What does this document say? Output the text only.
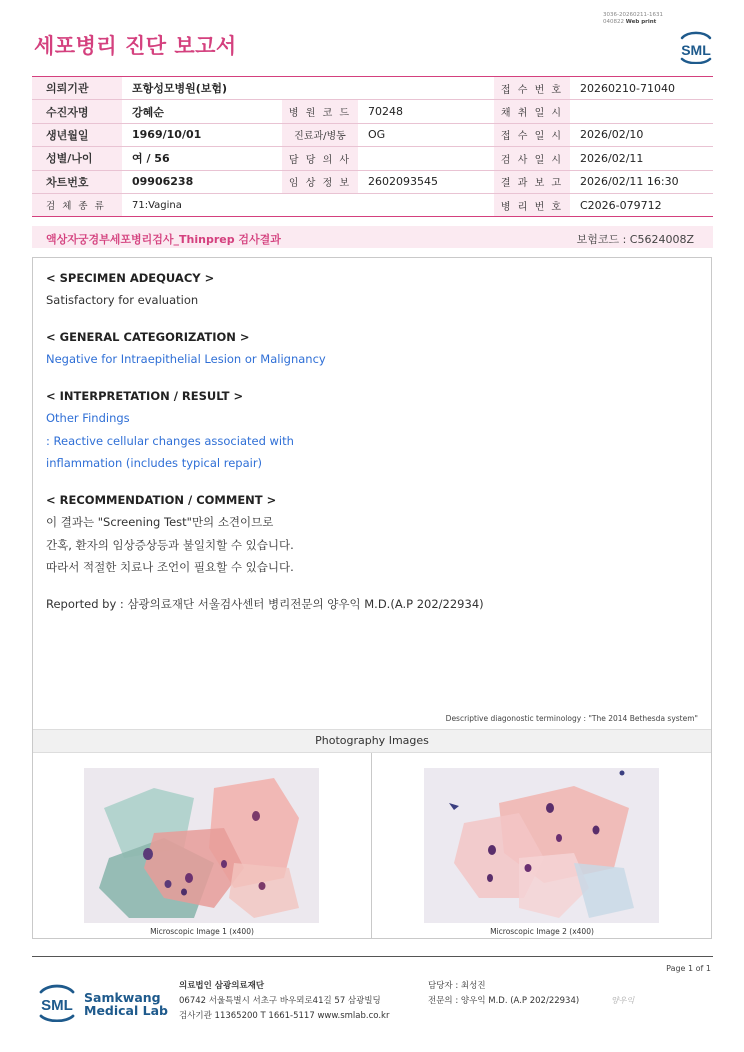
세포병리 진단 보고서
3036-20260211-1631
040822 Web print
SML
의뢰기관	포항성모병원(보험)			접 수 번 호	20260210-71040
수진자명	강혜순	병 원 코 드	70248	채 취 일 시	
생년월일	1969/10/01	진료과/병동	OG	접 수 일 시	2026/02/10
성별/나이	여 / 56	담 당 의 사		검 사 일 시	2026/02/11
차트번호	09906238	임 상 정 보	2602093545	결 과 보 고	2026/02/11 16:30
검 체 종 류	71:Vagina			병 리 번 호	C2026-079712
액상자궁경부세포병리검사_Thinprep 검사결과	보험코드 : C5624008Z
< SPECIMEN ADEQUACY >
Satisfactory for evaluation
< GENERAL CATEGORIZATION >
Negative for Intraepithelial Lesion or Malignancy
< INTERPRETATION / RESULT >
Other Findings
: Reactive cellular changes associated with
inflammation (includes typical repair)
< RECOMMENDATION / COMMENT >
이 결과는 "Screening Test"만의 소견이므로
간혹, 환자의 임상증상등과 불일치할 수 있습니다.
따라서 적절한 치료나 조언이 필요할 수 있습니다.
Reported by : 삼광의료재단 서울검사센터 병리전문의 양우익 M.D.(A.P 202/22934)
Descriptive diagonostic terminology : "The 2014 Bethesda system"
Photography Images
Microscopic Image 1 (x400)	Microscopic Image 2 (x400)
Page 1 of 1
SML Samkwang
Medical Lab
의료법인 삼광의료재단
06742 서울특별시 서초구 바우뫼로41길 57 삼광빌딩
검사기관 11365200 T 1661-5117 www.smlab.co.kr
담당자 : 최성진
전문의 : 양우익 M.D. (A.P 202/22934)	양우익
